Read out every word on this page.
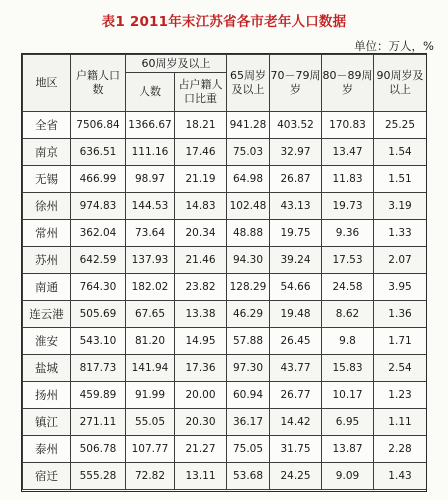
表1 2011年末江苏省各市老年人口数据
单位：万人，%
地区	户籍人口数	60周岁及以上		65周岁及以上	70－79周岁	80－89周岁	90周岁及以上
		人数	占户籍人口比重				
全省	7506.84	1366.67	18.21	941.28	403.52	170.83	25.25
南京	636.51	111.16	17.46	75.03	32.97	13.47	1.54
无锡	466.99	98.97	21.19	64.98	26.87	11.83	1.51
徐州	974.83	144.53	14.83	102.48	43.13	19.73	3.19
常州	362.04	73.64	20.34	48.88	19.75	9.36	1.33
苏州	642.59	137.93	21.46	94.30	39.24	17.53	2.07
南通	764.30	182.02	23.82	128.29	54.66	24.58	3.95
连云港	505.69	67.65	13.38	46.29	19.48	8.62	1.36
淮安	543.10	81.20	14.95	57.88	26.45	9.8	1.71
盐城	817.73	141.94	17.36	97.30	43.77	15.83	2.54
扬州	459.89	91.99	20.00	60.94	26.77	10.17	1.23
镇江	271.11	55.05	20.30	36.17	14.42	6.95	1.11
泰州	506.78	107.77	21.27	75.05	31.75	13.87	2.28
宿迁	555.28	72.82	13.11	53.68	24.25	9.09	1.43
